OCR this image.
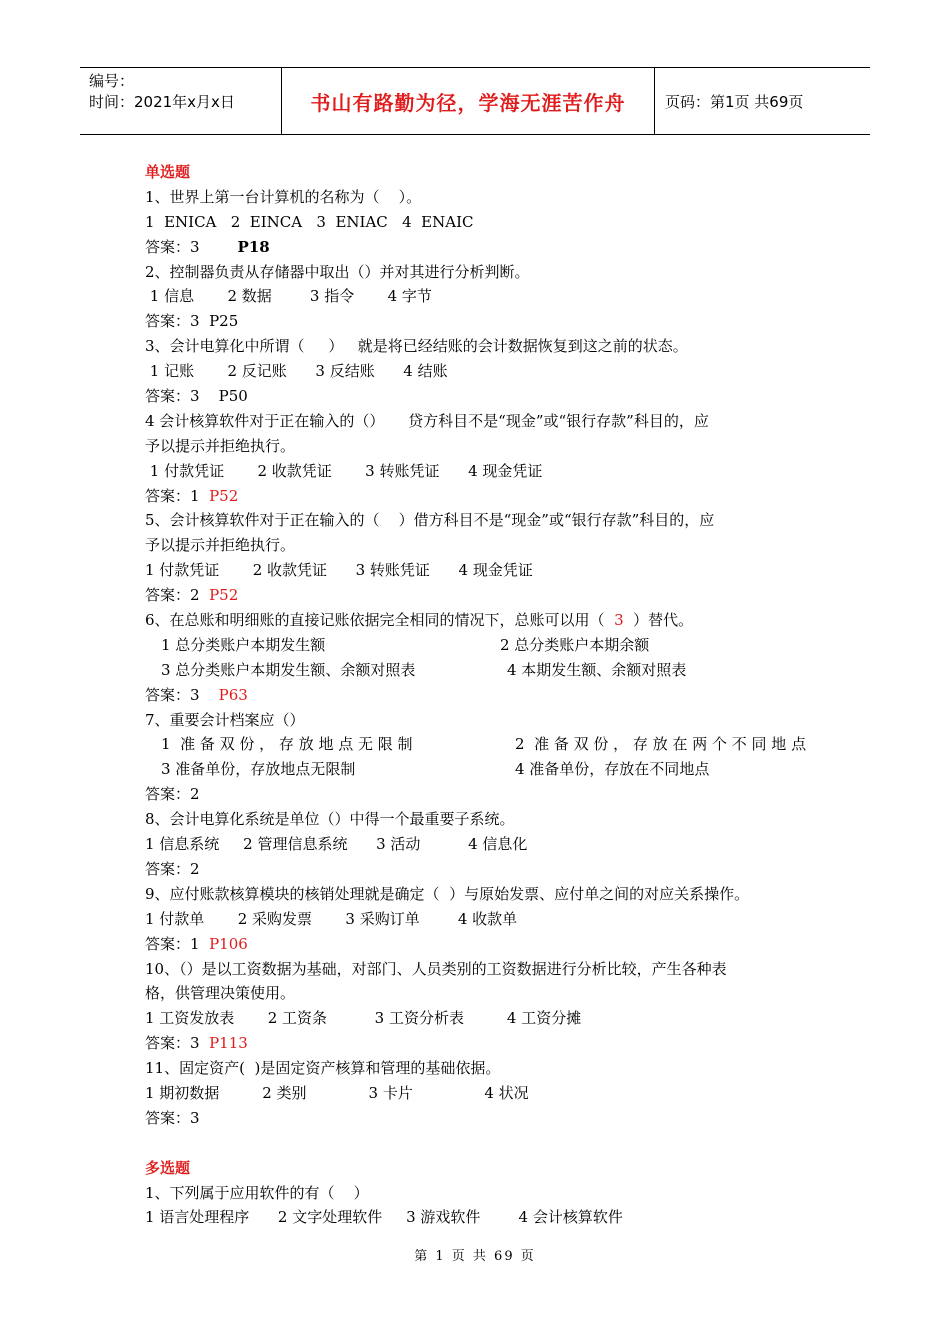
编号：
时间：2021年x月x日	书山有路勤为径，学海无涯苦作舟	页码：第1页 共69页
单选题
1、世界上第一台计算机的名称为（    ）。
1  ENICA   2  EINCA   3  ENIAC   4  ENAIC
答案：3	P18
2、控制器负责从存储器中取出（）并对其进行分析判断。
1 信息       2 数据        3 指令       4 字节
答案：3  P25
3、会计电算化中所谓（     ）   就是将已经结账的会计数据恢复到这之前的状态。
1 记账       2 反记账      3 反结账      4 结账
答案：3    P50
4 会计核算软件对于正在输入的（）     贷方科目不是“现金”或“银行存款”科目的，应
予以提示并拒绝执行。
1 付款凭证       2 收款凭证       3 转账凭证      4 现金凭证
答案：1  P52
5、会计核算软件对于正在输入的（    ）借方科目不是“现金”或“银行存款”科目的，应
予以提示并拒绝执行。
1 付款凭证       2 收款凭证      3 转账凭证      4 现金凭证
答案：2  P52
6、在总账和明细账的直接记账依据完全相同的情况下，总账可以用（  3  ）替代。
1 总分类账户本期发生额	2 总分类账户本期余额
3 总分类账户本期发生额、余额对照表	4 本期发生额、余额对照表
答案：3    P63
7、重要会计档案应（）
1  准 备 双 份 ， 存 放 地 点 无 限 制	2  准 备 双 份 ， 存 放 在 两 个 不 同 地 点
3 准备单份，存放地点无限制	4 准备单份，存放在不同地点
答案：2
8、会计电算化系统是单位（）中得一个最重要子系统。
1 信息系统     2 管理信息系统      3 活动          4 信息化
答案：2
9、应付账款核算模块的核销处理就是确定（  ）与原始发票、应付单之间的对应关系操作。
1 付款单       2 采购发票       3 采购订单        4 收款单
答案：1  P106
10、（）是以工资数据为基础，对部门、人员类别的工资数据进行分析比较，产生各种表
格，供管理决策使用。
1 工资发放表       2 工资条          3 工资分析表         4 工资分摊
答案：3  P113
11、固定资产(  )是固定资产核算和管理的基础依据。
1 期初数据         2 类别             3 卡片               4 状况
答案：3
多选题
1、下列属于应用软件的有（    ）
1 语言处理程序      2 文字处理软件     3 游戏软件        4 会计核算软件
第 1 页 共 69 页
